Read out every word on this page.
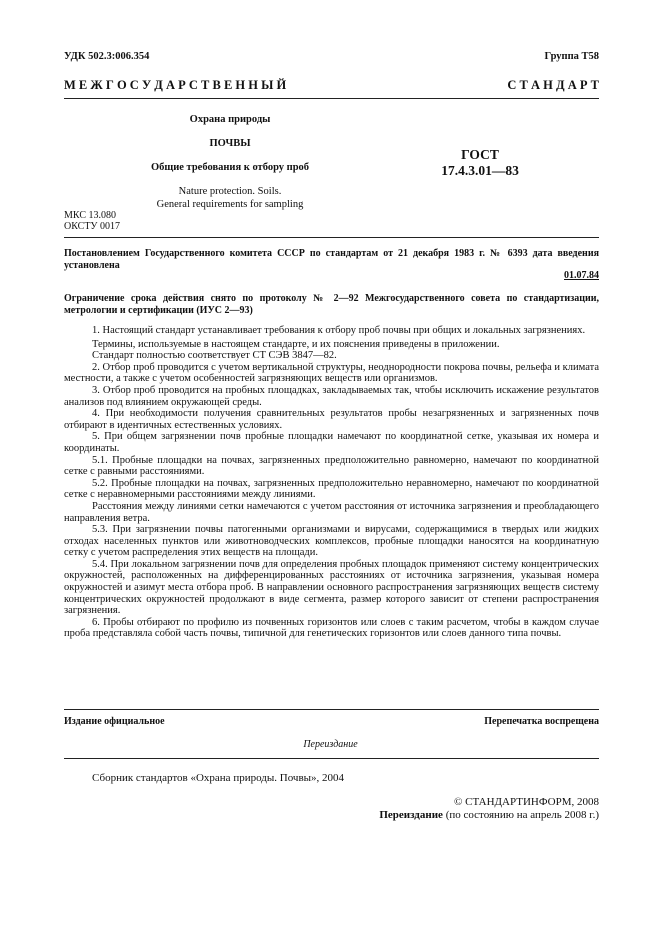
УДК 502.3:006.354	Группа Т58
М Е Ж Г О С У Д А Р С Т В Е Н Н Ы Й	С Т А Н Д А Р Т
Охрана природы
ПОЧВЫ
Общие требования к отбору проб
ГОСТ
17.4.3.01—83
Nature protection. Soils.
General requirements for sampling
МКС 13.080
ОКСТУ 0017
Постановлением Государственного комитета СССР по стандартам от 21 декабря 1983 г. № 6393 дата введения установлена
01.07.84
Ограничение срока действия снято по протоколу № 2—92 Межгосударственного совета по стандартизации, метрологии и сертификации (ИУС 2—93)

1. Настоящий стандарт устанавливает требования к отбору проб почвы при общих и локальных загрязнениях.

Термины, используемые в настоящем стандарте, и их пояснения приведены в приложении.

Стандарт полностью соответствует СТ СЭВ 3847—82.

2. Отбор проб проводится с учетом вертикальной структуры, неоднородности покрова почвы, рельефа и климата местности, а также с учетом особенностей загрязняющих веществ или организмов.

3. Отбор проб проводится на пробных площадках, закладываемых так, чтобы исключить искажение результатов анализов под влиянием окружающей среды.

4. При необходимости получения сравнительных результатов пробы незагрязненных и загрязненных почв отбирают в идентичных естественных условиях.

5. При общем загрязнении почв пробные площадки намечают по координатной сетке, указывая их номера и координаты.

5.1. Пробные площадки на почвах, загрязненных предположительно равномерно, намечают по координатной сетке с равными расстояниями.

5.2. Пробные площадки на почвах, загрязненных предположительно неравномерно, намечают по координатной сетке с неравномерными расстояниями между линиями.

Расстояния между линиями сетки намечаются с учетом расстояния от источника загрязнения и преобладающего направления ветра.

5.3. При загрязнении почвы патогенными организмами и вирусами, содержащимися в твердых или жидких отходах населенных пунктов или животноводческих комплексов, пробные площадки наносятся на координатную сетку с учетом распределения этих веществ на площади.

5.4. При локальном загрязнении почв для определения пробных площадок применяют систему концентрических окружностей, расположенных на дифференцированных расстояниях от источника загрязнения, указывая номера окружностей и азимут места отбора проб. В направлении основного распространения загрязняющих веществ систему концентрических окружностей продолжают в виде сегмента, размер которого зависит от степени распространения загрязнения.

6. Пробы отбирают по профилю из почвенных горизонтов или слоев с таким расчетом, чтобы в каждом случае проба представляла собой часть почвы, типичной для генетических горизонтов или слоев данного типа почвы.

Издание официальное	Перепечатка воспрещена
Переиздание
Сборник стандартов «Охрана природы. Почвы», 2004
© СТАНДАРТИНФОРМ, 2008
Переиздание (по состоянию на апрель 2008 г.)
